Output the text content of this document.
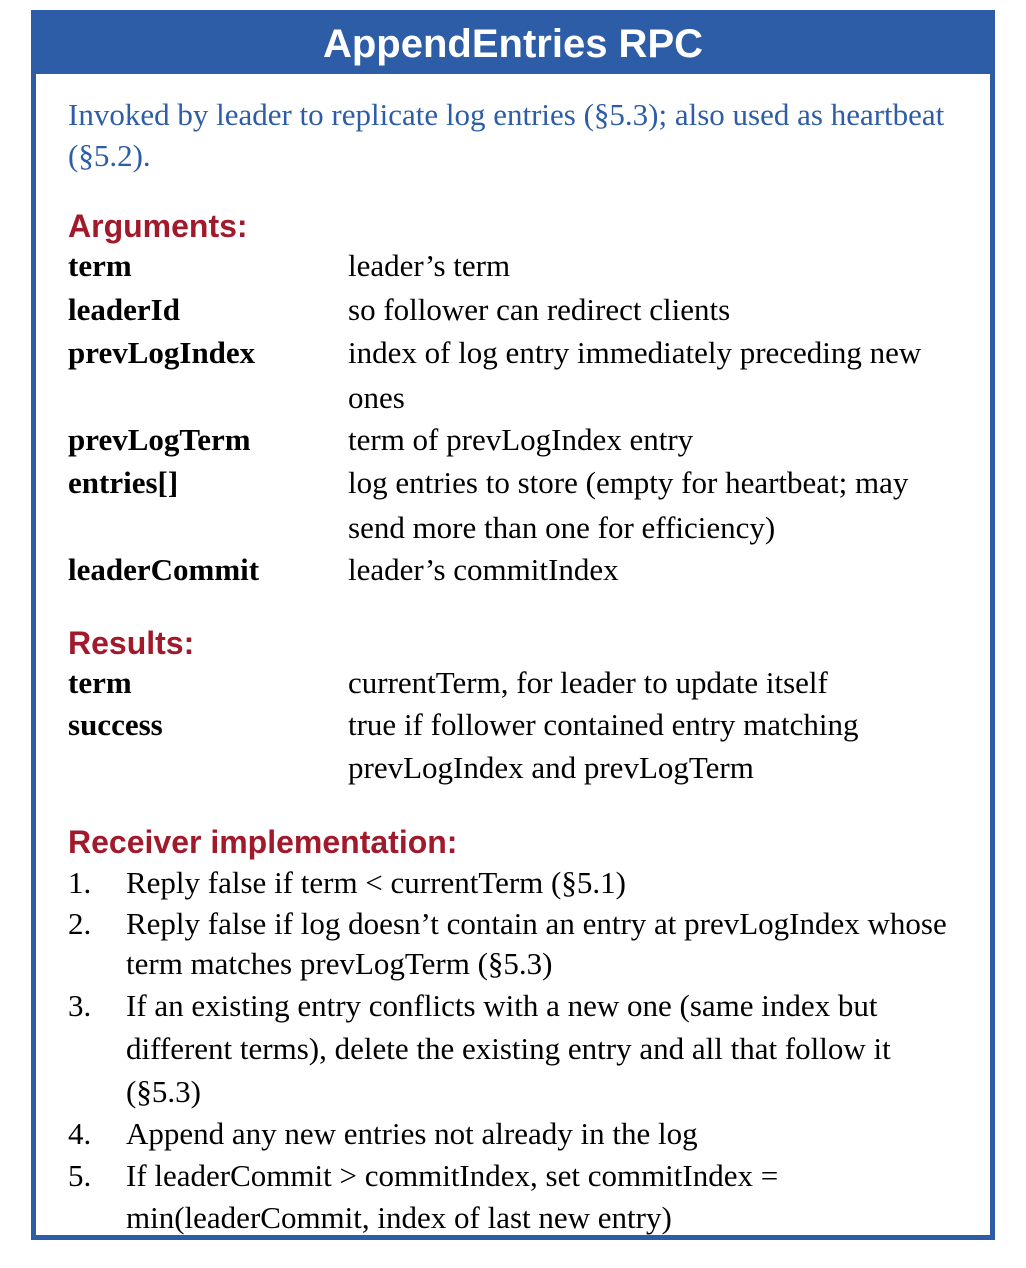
AppendEntries RPC
Invoked by leader to replicate log entries (§5.3); also used as heartbeat (§5.2).
Arguments:
term	leader’s term
leaderId	so follower can redirect clients
prevLogIndex	index of log entry immediately preceding new ones
prevLogTerm	term of prevLogIndex entry
entries[]	log entries to store (empty for heartbeat; may send more than one for efficiency)
leaderCommit	leader’s commitIndex
Results:
term	currentTerm, for leader to update itself
success	true if follower contained entry matching prevLogIndex and prevLogTerm
Receiver implementation:
1.	Reply false if term < currentTerm (§5.1)
2.	Reply false if log doesn’t contain an entry at prevLogIndex whose term matches prevLogTerm (§5.3)
3.	If an existing entry conflicts with a new one (same index but different terms), delete the existing entry and all that follow it (§5.3)
4.	Append any new entries not already in the log
5.	If leaderCommit > commitIndex, set commitIndex = min(leaderCommit, index of last new entry)
